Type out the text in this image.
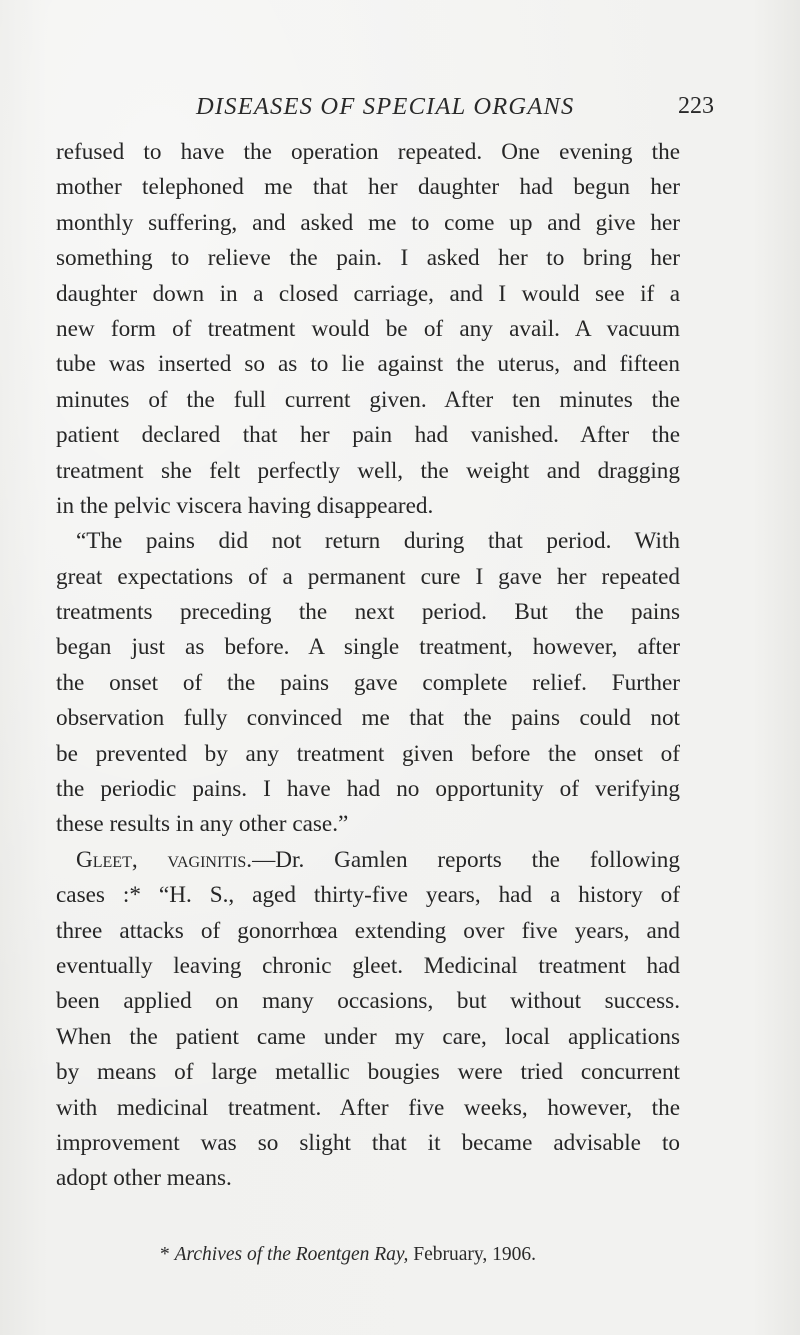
DISEASES OF SPECIAL ORGANS	223
refused to have the operation repeated. One evening the
mother telephoned me that her daughter had begun her
monthly suffering, and asked me to come up and give her
something to relieve the pain. I asked her to bring her
daughter down in a closed carriage, and I would see if a
new form of treatment would be of any avail. A vacuum
tube was inserted so as to lie against the uterus, and fifteen
minutes of the full current given. After ten minutes the
patient declared that her pain had vanished. After the
treatment she felt perfectly well, the weight and dragging
in the pelvic viscera having disappeared.
“The pains did not return during that period. With
great expectations of a permanent cure I gave her repeated
treatments preceding the next period. But the pains
began just as before. A single treatment, however, after
the onset of the pains gave complete relief. Further
observation fully convinced me that the pains could not
be prevented by any treatment given before the onset of
the periodic pains. I have had no opportunity of verifying
these results in any other case.”
Gleet, vaginitis.—Dr. Gamlen reports the following
cases :* “H. S., aged thirty-five years, had a history of
three attacks of gonorrhœa extending over five years, and
eventually leaving chronic gleet. Medicinal treatment had
been applied on many occasions, but without success.
When the patient came under my care, local applications
by means of large metallic bougies were tried concurrent
with medicinal treatment. After five weeks, however, the
improvement was so slight that it became advisable to
adopt other means.
* Archives of the Roentgen Ray, February, 1906.
